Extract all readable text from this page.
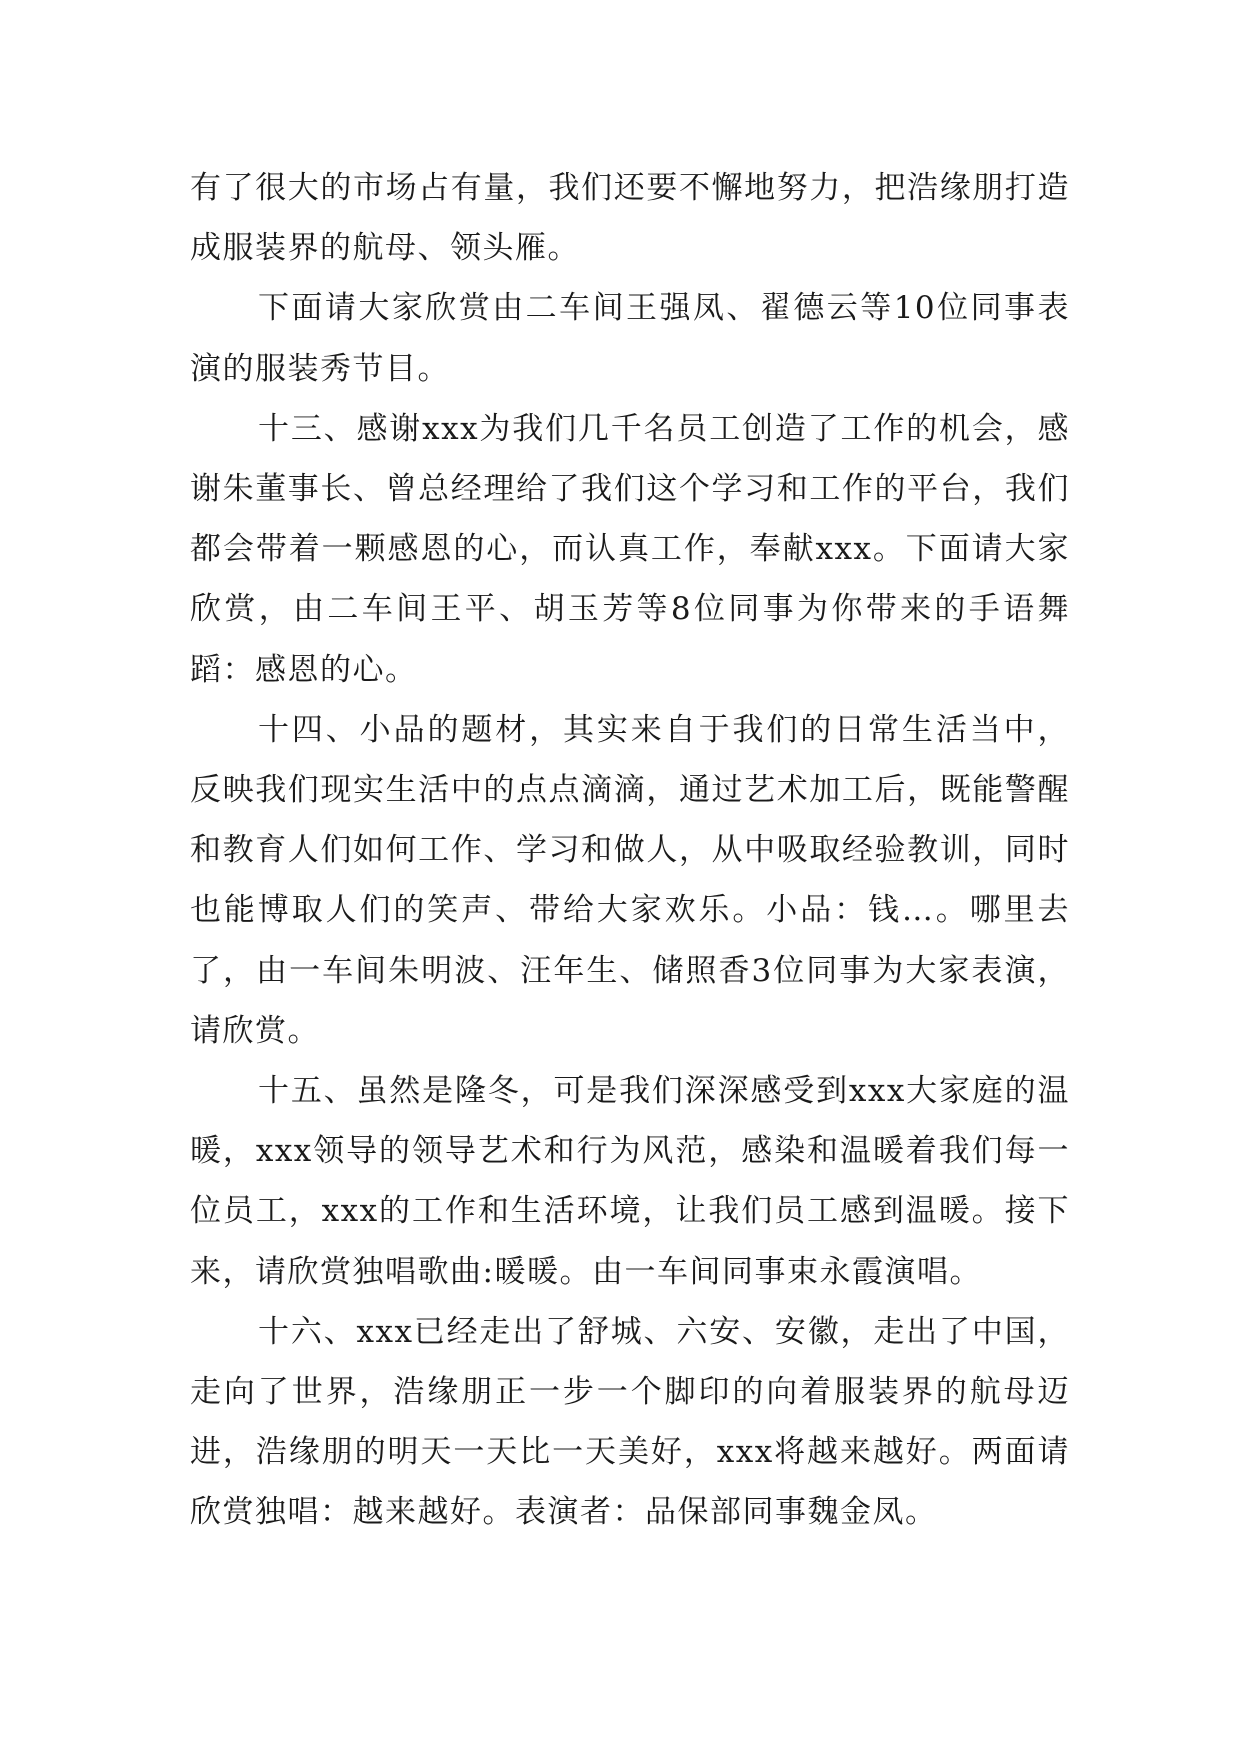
有了很大的市场占有量，我们还要不懈地努力，把浩缘朋打造成服装界的航母、领头雁。

下面请大家欣赏由二车间王强凤、翟德云等10位同事表演的服装秀节目。

十三、感谢xxx为我们几千名员工创造了工作的机会，感谢朱董事长、曾总经理给了我们这个学习和工作的平台，我们都会带着一颗感恩的心，而认真工作，奉献xxx。下面请大家欣赏，由二车间王平、胡玉芳等8位同事为你带来的手语舞蹈：感恩的心。

十四、小品的题材，其实来自于我们的日常生活当中，反映我们现实生活中的点点滴滴，通过艺术加工后，既能警醒和教育人们如何工作、学习和做人，从中吸取经验教训，同时也能博取人们的笑声、带给大家欢乐。小品：钱…。哪里去了，由一车间朱明波、汪年生、储照香3位同事为大家表演，请欣赏。

十五、虽然是隆冬，可是我们深深感受到xxx大家庭的温暖，xxx领导的领导艺术和行为风范，感染和温暖着我们每一位员工，xxx的工作和生活环境，让我们员工感到温暖。接下来，请欣赏独唱歌曲:暖暖。由一车间同事束永霞演唱。

十六、xxx已经走出了舒城、六安、安徽，走出了中国，走向了世界，浩缘朋正一步一个脚印的向着服装界的航母迈进，浩缘朋的明天一天比一天美好，xxx将越来越好。两面请欣赏独唱：越来越好。表演者：品保部同事魏金凤。
